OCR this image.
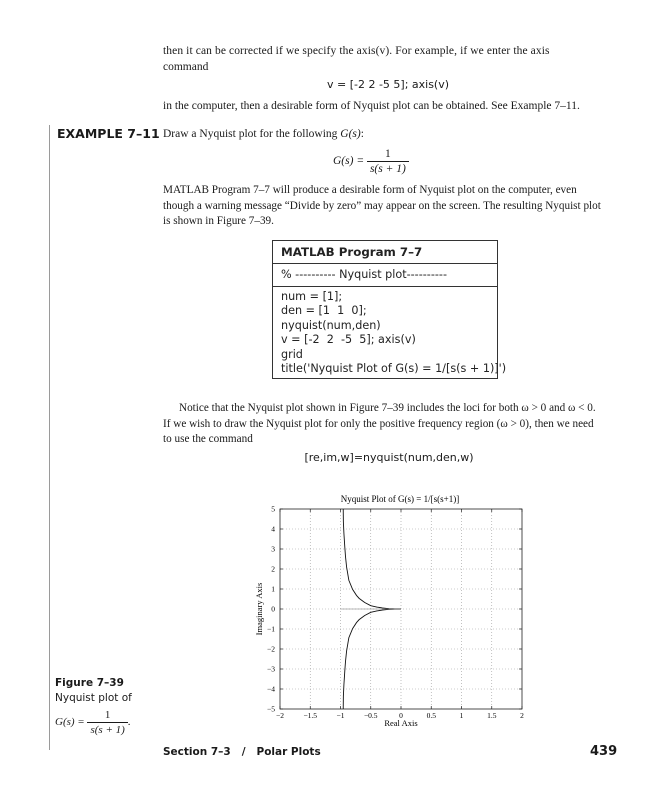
then it can be corrected if we specify the axis(v). For example, if we enter the axis
command
v = [-2 2 -5 5]; axis(v)
in the computer, then a desirable form of Nyquist plot can be obtained. See Example 7–11.
EXAMPLE 7–11 Draw a Nyquist plot for the following G(s):
$G(s) = \frac{1}{s(s + 1)}$
MATLAB Program 7–7 will produce a desirable form of Nyquist plot on the computer, even
though a warning message “Divide by zero” may appear on the screen. The resulting Nyquist plot
is shown in Figure 7–39.
MATLAB Program 7–7
% ---------- Nyquist plot----------
num = [1];
den = [1  1  0];
nyquist(num,den)
v = [-2  2  -5  5]; axis(v)
grid
title('Nyquist Plot of G(s) = 1/[s(s + 1)]')
Notice that the Nyquist plot shown in Figure 7–39 includes the loci for both ω > 0 and ω < 0.
If we wish to draw the Nyquist plot for only the positive frequency region (ω > 0), then we need
to use the command
[re,im,w]=nyquist(num,den,w)
Nyquist Plot of G(s) = 1/[s(s+1)]
−2	−1.5	−1	−0.5	0	0.5	1	1.5	2
5
4
3
2
1
0
−1
−2
−3
−4
−5
Real Axis
Imaginary Axis
Figure 7–39
Nyquist plot of
$G(s) = \frac{1}{s(s + 1)}$ .
Section 7–3   /   Polar Plots	439
